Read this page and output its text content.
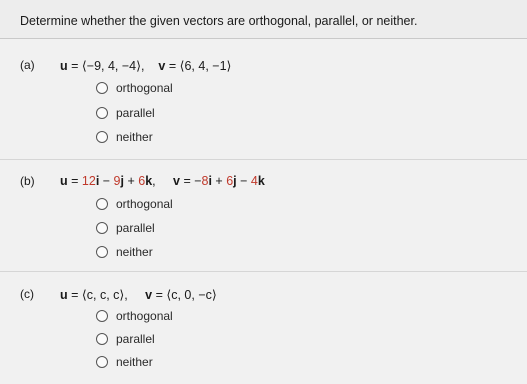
Determine whether the given vectors are orthogonal, parallel, or neither.
(a) u = ⟨−9, 4, −4⟩, v = ⟨6, 4, −1⟩
orthogonal
parallel
neither
(b) u = 12i − 9j + 6k, v = −8i + 6j − 4k
orthogonal
parallel
neither
(c) u = ⟨c, c, c⟩, v = ⟨c, 0, −c⟩
orthogonal
parallel
neither
